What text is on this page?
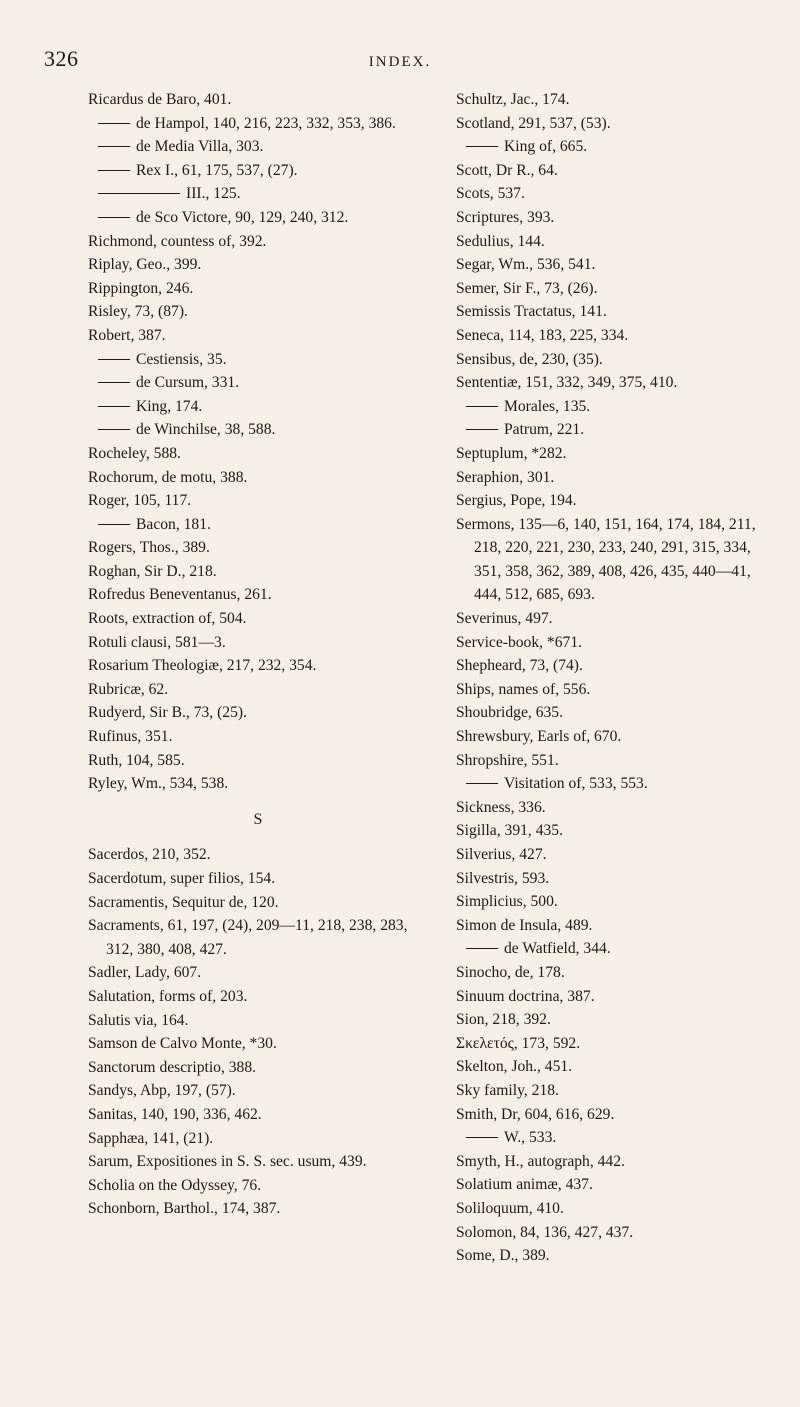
326	INDEX.
Ricardus de Baro, 401.
de Hampol, 140, 216, 223, 332, 353, 386.
de Media Villa, 303.
Rex I., 61, 175, 537, (27).
III., 125.
de Sco Victore, 90, 129, 240, 312.
Richmond, countess of, 392.
Riplay, Geo., 399.
Rippington, 246.
Risley, 73, (87).
Robert, 387.
Cestiensis, 35.
de Cursum, 331.
King, 174.
de Winchilse, 38, 588.
Rocheley, 588.
Rochorum, de motu, 388.
Roger, 105, 117.
Bacon, 181.
Rogers, Thos., 389.
Roghan, Sir D., 218.
Rofredus Beneventanus, 261.
Roots, extraction of, 504.
Rotuli clausi, 581—3.
Rosarium Theologiæ, 217, 232, 354.
Rubricæ, 62.
Rudyerd, Sir B., 73, (25).
Rufinus, 351.
Ruth, 104, 585.
Ryley, Wm., 534, 538.
S
Sacerdos, 210, 352.
Sacerdotum, super filios, 154.
Sacramentis, Sequitur de, 120.
Sacraments, 61, 197, (24), 209—11, 218, 238, 283, 312, 380, 408, 427.
Sadler, Lady, 607.
Salutation, forms of, 203.
Salutis via, 164.
Samson de Calvo Monte, *30.
Sanctorum descriptio, 388.
Sandys, Abp, 197, (57).
Sanitas, 140, 190, 336, 462.
Sapphæa, 141, (21).
Sarum, Expositiones in S. S. sec. usum, 439.
Scholia on the Odyssey, 76.
Schonborn, Barthol., 174, 387.
Schultz, Jac., 174.
Scotland, 291, 537, (53).
King of, 665.
Scott, Dr R., 64.
Scots, 537.
Scriptures, 393.
Sedulius, 144.
Segar, Wm., 536, 541.
Semer, Sir F., 73, (26).
Semissis Tractatus, 141.
Seneca, 114, 183, 225, 334.
Sensibus, de, 230, (35).
Sententiæ, 151, 332, 349, 375, 410.
Morales, 135.
Patrum, 221.
Septuplum, *282.
Seraphion, 301.
Sergius, Pope, 194.
Sermons, 135—6, 140, 151, 164, 174, 184, 211, 218, 220, 221, 230, 233, 240, 291, 315, 334, 351, 358, 362, 389, 408, 426, 435, 440—41, 444, 512, 685, 693.
Severinus, 497.
Service-book, *671.
Shepheard, 73, (74).
Ships, names of, 556.
Shoubridge, 635.
Shrewsbury, Earls of, 670.
Shropshire, 551.
Visitation of, 533, 553.
Sickness, 336.
Sigilla, 391, 435.
Silverius, 427.
Silvestris, 593.
Simplicius, 500.
Simon de Insula, 489.
de Watfield, 344.
Sinocho, de, 178.
Sinuum doctrina, 387.
Sion, 218, 392.
Σκελετός, 173, 592.
Skelton, Joh., 451.
Sky family, 218.
Smith, Dr, 604, 616, 629.
W., 533.
Smyth, H., autograph, 442.
Solatium animæ, 437.
Soliloquum, 410.
Solomon, 84, 136, 427, 437.
Some, D., 389.
